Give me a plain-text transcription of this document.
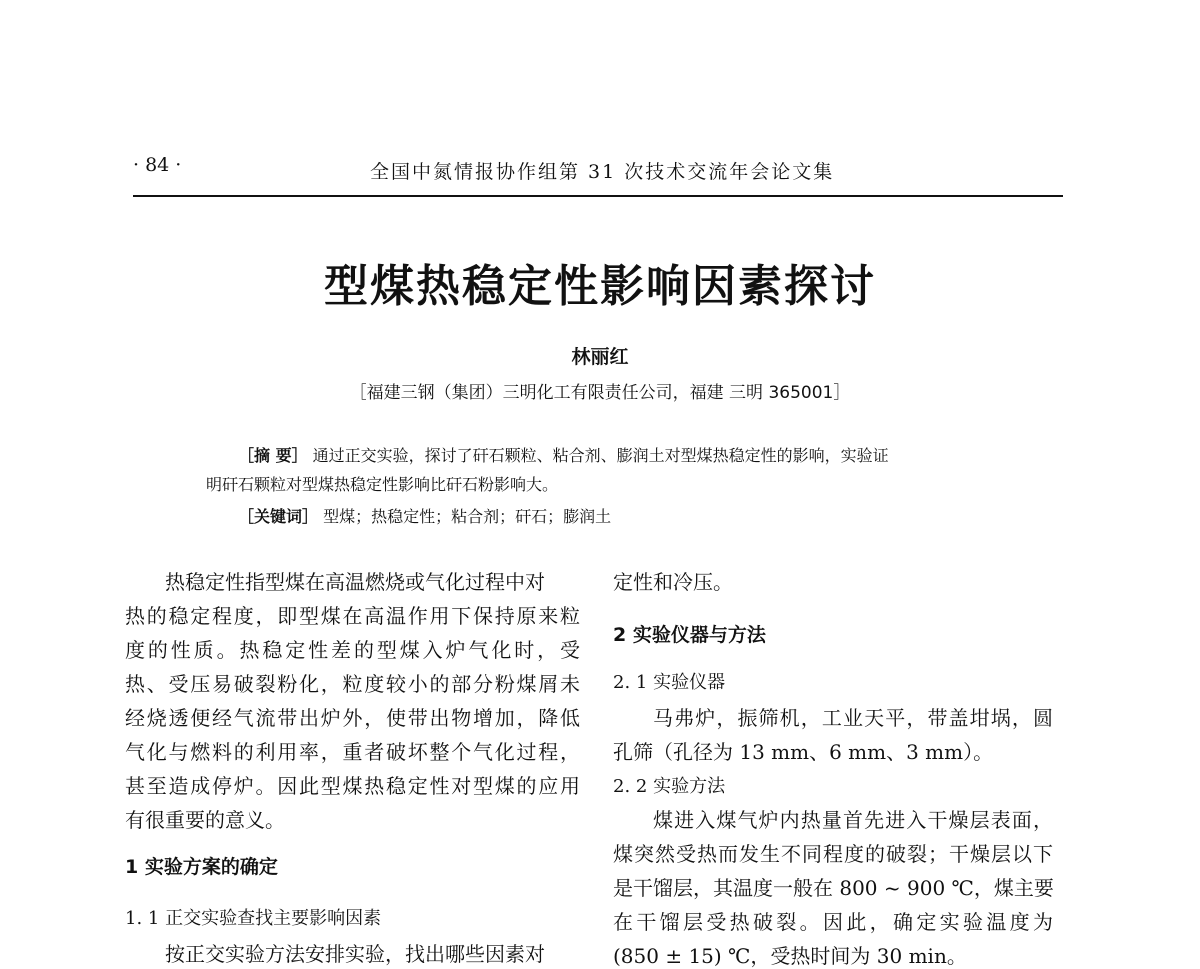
· 84 ·	全国中氮情报协作组第 31 次技术交流年会论文集
型煤热稳定性影响因素探讨
林丽红
［福建三钢（集团）三明化工有限责任公司，福建 三明 365001］
［摘 要］ 通过正交实验，探讨了矸石颗粒、粘合剂、膨润土对型煤热稳定性的影响，实验证
明矸石颗粒对型煤热稳定性影响比矸石粉影响大。
［关键词］ 型煤；热稳定性；粘合剂；矸石；膨润土
热稳定性指型煤在高温燃烧或气化过程中对
热的稳定程度，即型煤在高温作用下保持原来粒
度的性质。热稳定性差的型煤入炉气化时，受
热、受压易破裂粉化，粒度较小的部分粉煤屑未
经烧透便经气流带出炉外，使带出物增加，降低
气化与燃料的利用率，重者破坏整个气化过程，
甚至造成停炉。因此型煤热稳定性对型煤的应用
有很重要的意义。
1 实验方案的确定
1. 1 正交实验查找主要影响因素
按正交实验方法安排实验，找出哪些因素对
定性和冷压。
2 实验仪器与方法
2. 1 实验仪器
马弗炉，振筛机，工业天平，带盖坩埚，圆
孔筛（孔径为 13 mm、6 mm、3 mm）。
2. 2 实验方法
煤进入煤气炉内热量首先进入干燥层表面，
煤突然受热而发生不同程度的破裂；干燥层以下
是干馏层，其温度一般在 800 ~ 900 ℃，煤主要
在干馏层受热破裂。因此，确定实验温度为
(850 ± 15) ℃，受热时间为 30 min。
